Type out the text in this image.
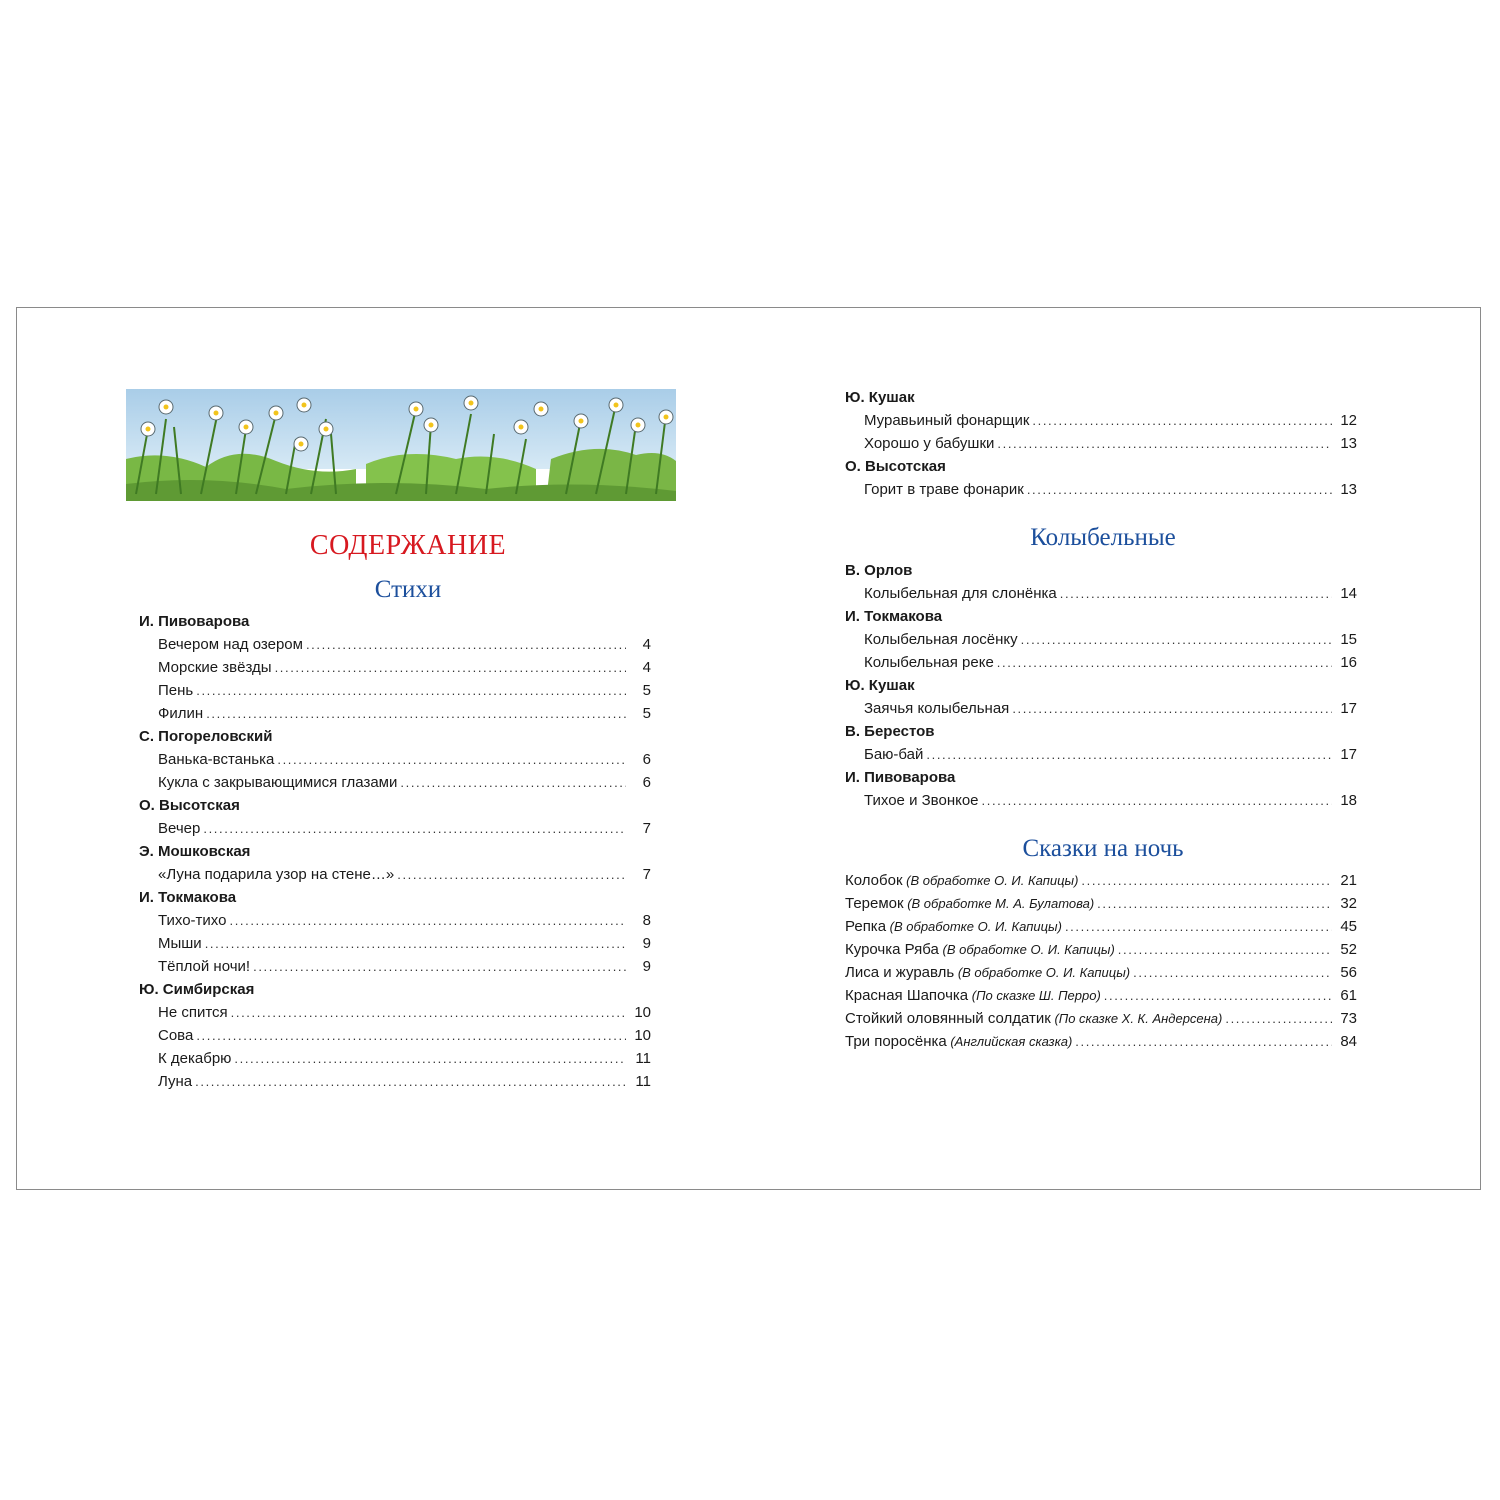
СОДЕРЖАНИЕ
Стихи
И. Пивоварова
Вечером над озером .....	4
Морские звёзды .....	4
Пень .....	5
Филин .....	5
С. Погореловский
Ванька-встанька .....	6
Кукла с закрывающимися глазами .....	6
О. Высотская
Вечер .....	7
Э. Мошковская
«Луна подарила узор на стене…» .....	7
И. Токмакова
Тихо-тихо .....	8
Мыши .....	9
Тёплой ночи! .....	9
Ю. Симбирская
Не спится .....	10
Сова .....	10
К декабрю .....	11
Луна .....	11
Ю. Кушак
Муравьиный фонарщик .....	12
Хорошо у бабушки .....	13
О. Высотская
Горит в траве фонарик .....	13
Колыбельные
В. Орлов
Колыбельная для слонёнка .....	14
И. Токмакова
Колыбельная лосёнку .....	15
Колыбельная реке .....	16
Ю. Кушак
Заячья колыбельная .....	17
В. Берестов
Баю-бай .....	17
И. Пивоварова
Тихое и Звонкое .....	18
Сказки на ночь
Колобок (В обработке О. И. Капицы) .....	21
Теремок (В обработке М. А. Булатова) .....	32
Репка (В обработке О. И. Капицы) .....	45
Курочка Ряба (В обработке О. И. Капицы) .....	52
Лиса и журавль (В обработке О. И. Капицы) .....	56
Красная Шапочка (По сказке Ш. Перро) .....	61
Стойкий оловянный солдатик (По сказке Х. К. Андерсена) .....	73
Три поросёнка (Английская сказка) .....	84
